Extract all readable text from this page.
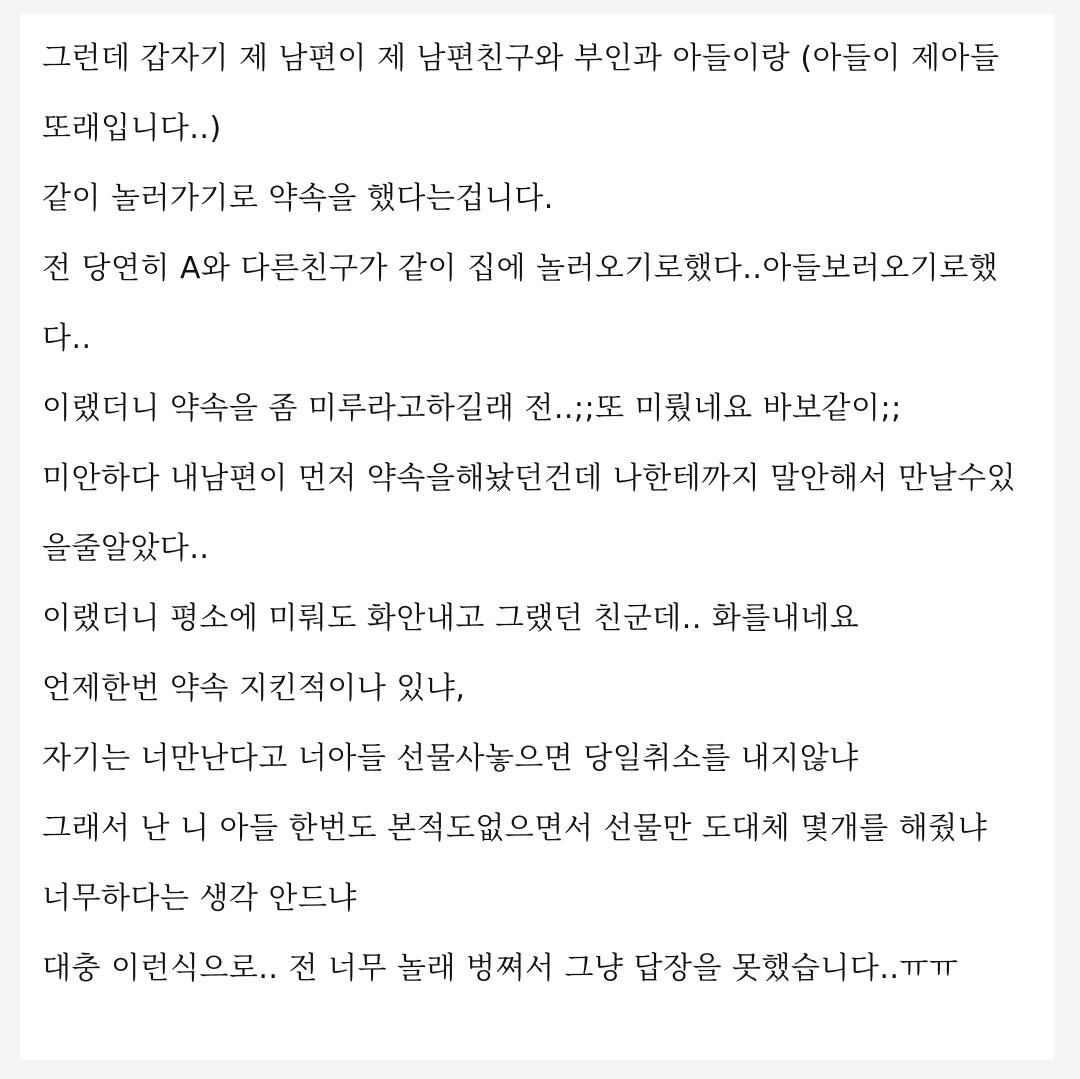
그런데 갑자기 제 남편이 제 남편친구와 부인과 아들이랑 (아들이 제아들
또래입니다..)
같이 놀러가기로 약속을 했다는겁니다.
전 당연히 A와 다른친구가 같이 집에 놀러오기로했다..아들보러오기로했
다..
이랬더니 약속을 좀 미루라고하길래 전..;;또 미뤘네요 바보같이;;
미안하다 내남편이 먼저 약속을해놨던건데 나한테까지 말안해서 만날수있
을줄알았다..
이랬더니 평소에 미뤄도 화안내고 그랬던 친군데.. 화를내네요
언제한번 약속 지킨적이나 있냐,
자기는 너만난다고 너아들 선물사놓으면 당일취소를 내지않냐
그래서 난 니 아들 한번도 본적도없으면서 선물만 도대체 몇개를 해줬냐
너무하다는 생각 안드냐
대충 이런식으로.. 전 너무 놀래 벙쪄서 그냥 답장을 못했습니다..ㅠㅠ
